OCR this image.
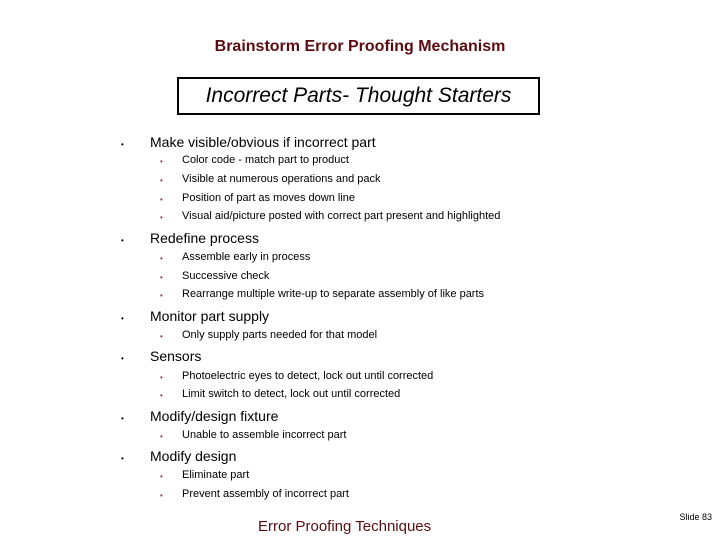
Brainstorm Error Proofing Mechanism
Incorrect Parts- Thought Starters
• Make visible/obvious if incorrect part
• Color code - match part to product
• Visible at numerous operations and pack
• Position of part as moves down line
• Visual aid/picture posted with correct part present and highlighted
• Redefine process
• Assemble early in process
• Successive check
• Rearrange multiple write-up to separate assembly of like parts
• Monitor part supply
• Only supply parts needed for that model
• Sensors
• Photoelectric eyes to detect, lock out until corrected
• Limit switch to detect, lock out until corrected
• Modify/design fixture
• Unable to assemble incorrect part
• Modify design
• Eliminate part
• Prevent assembly of incorrect part
Error Proofing Techniques
Slide 83
